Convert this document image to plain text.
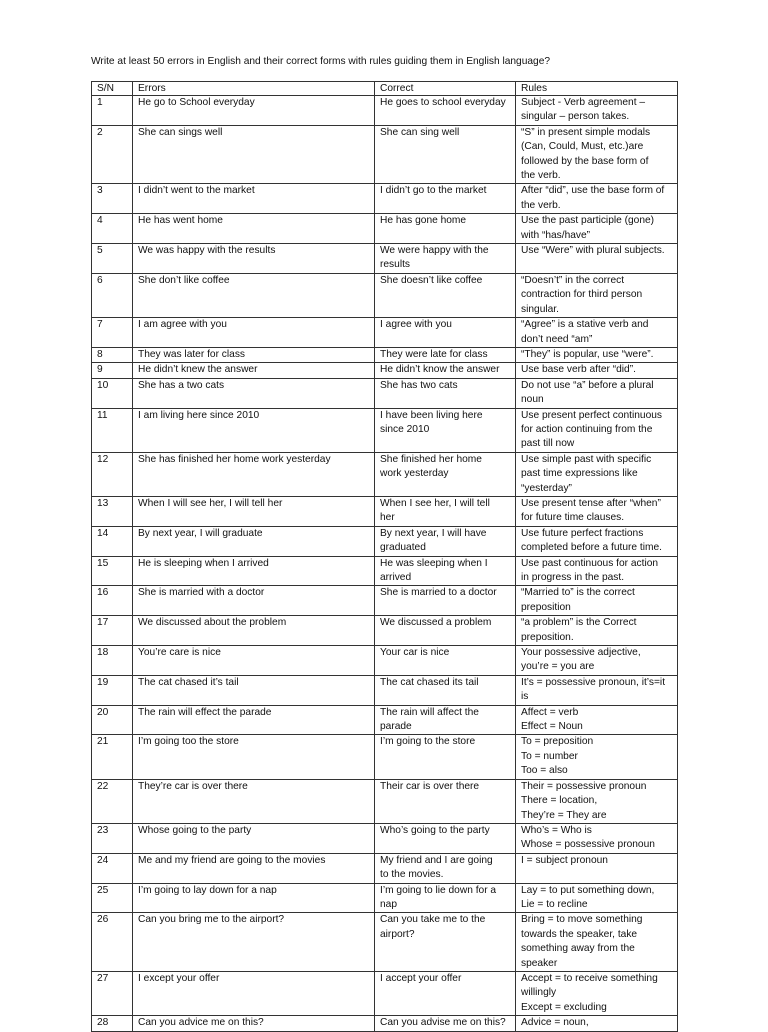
Write at least 50 errors in English and their correct forms with rules guiding them in English language?
S/N	Errors	Correct	Rules

1	He go to School everyday	He goes to school everyday	Subject - Verb agreement –
singular – person takes.

2	She can sings well	She can sing well	“S” in present simple modals
(Can, Could, Must, etc.)are
followed by the base form of
the verb.

3	I didn’t went to the market	I didn’t go to the market	After “did”, use the base form of
the verb.

4	He has went home	He has gone home	Use the past participle (gone)
with “has/have”

5	We was happy with the results	We were happy with the
results	Use “Were” with plural subjects.

6	She don’t like coffee	She doesn’t like coffee	“Doesn’t” in the correct
contraction for third person
singular.

7	I am agree with you	I agree with you	“Agree” is a stative verb and
don’t need “am”

8	They was later for class	They were late for class	“They” is popular, use “were”.

9	He didn’t knew the answer	He didn’t know the answer	Use base verb after “did”.

10	She has a two cats	She has two cats	Do not use “a” before a plural
noun

11	I am living here since 2010	I have been living here
since 2010	Use present perfect continuous
for action continuing from the
past till now

12	She has finished her home work yesterday	She finished her home
work yesterday	Use simple past with specific
past time expressions like
“yesterday”

13	When I will see her, I will tell her	When I see her, I will tell
her	Use present tense after “when”
for future time clauses.

14	By next year, I will graduate	By next year, I will have
graduated	Use future perfect fractions
completed before a future time.

15	He is sleeping when I arrived	He was sleeping when I
arrived	Use past continuous for action
in progress in the past.

16	She is married with a doctor	She is married to a doctor	“Married to” is the correct
preposition

17	We discussed about the problem	We discussed a problem	“a problem” is the Correct
preposition.

18	You’re care is nice	Your car is nice	Your possessive adjective,
you’re = you are

19	The cat chased it’s tail	The cat chased its tail	It’s = possessive pronoun, it’s=it
is

20	The rain will effect the parade	The rain will affect the
parade	Affect = verb
Effect = Noun

21	I’m going too the store	I’m going to the store	To = preposition
To = number
Too = also

22	They’re car is over there	Their car is over there	Their = possessive pronoun
There = location,
They’re = They are

23	Whose going to the party	Who’s going to the party	Who’s = Who is
Whose = possessive pronoun

24	Me and my friend are going to the movies	My friend and I are going
to the movies.	I = subject pronoun

25	I’m going to lay down for a nap	I’m going to lie down for a
nap	Lay = to put something down,
Lie = to recline

26	Can you bring me to the airport?	Can you take me to the
airport?	Bring = to move something
towards the speaker, take
something away from the
speaker

27	I except your offer	I accept your offer	Accept = to receive something
willingly
Except = excluding

28	Can you advice me on this?	Can you advise me on this?	Advice = noun,
